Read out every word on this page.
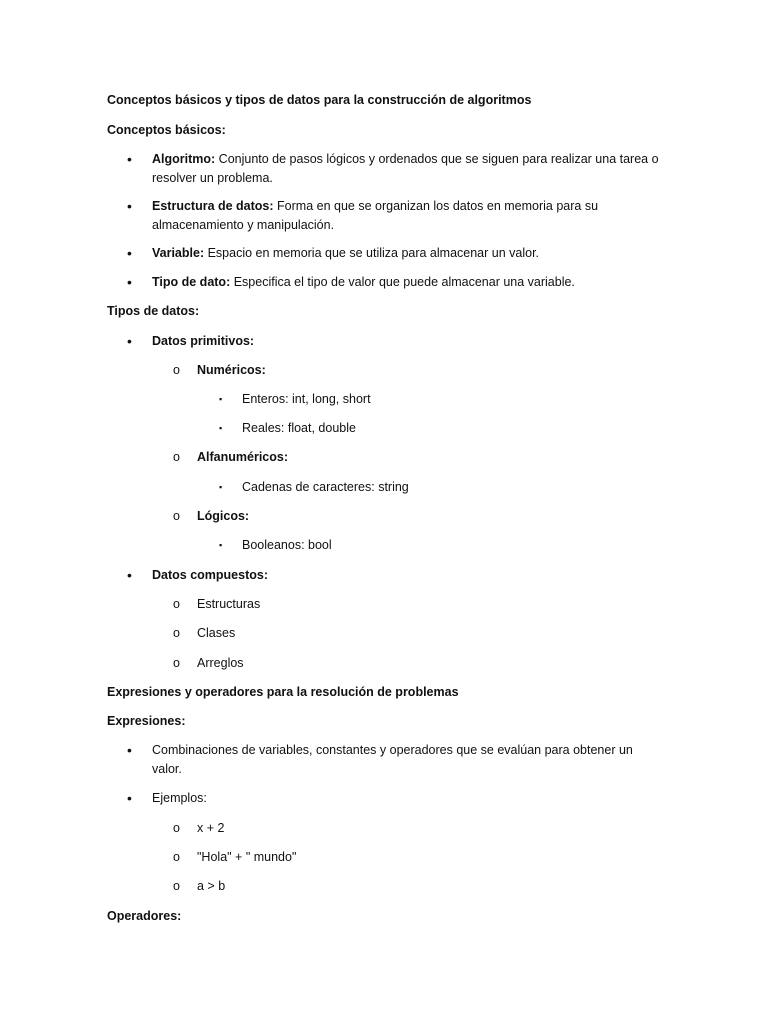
Conceptos básicos y tipos de datos para la construcción de algoritmos
Conceptos básicos:
• Algoritmo: Conjunto de pasos lógicos y ordenados que se siguen para realizar una tarea o
resolver un problema.
• Estructura de datos: Forma en que se organizan los datos en memoria para su
almacenamiento y manipulación.
• Variable: Espacio en memoria que se utiliza para almacenar un valor.
• Tipo de dato: Especifica el tipo de valor que puede almacenar una variable.
Tipos de datos:
• Datos primitivos:
o Numéricos:
▪ Enteros: int, long, short
▪ Reales: float, double
o Alfanuméricos:
▪ Cadenas de caracteres: string
o Lógicos:
▪ Booleanos: bool
• Datos compuestos:
o Estructuras
o Clases
o Arreglos
Expresiones y operadores para la resolución de problemas
Expresiones:
• Combinaciones de variables, constantes y operadores que se evalúan para obtener un
valor.
• Ejemplos:
o x + 2
o "Hola" + " mundo"
o a > b
Operadores:
